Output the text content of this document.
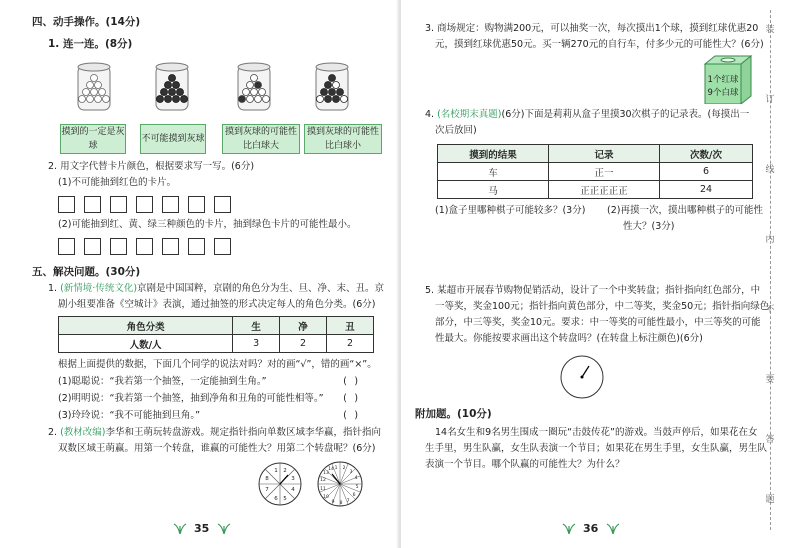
四、动手操作。(14分)
1. 连一连。(8分)
摸到的一定是灰球
不可能摸到灰球
摸到灰球的可能性比白球大
摸到灰球的可能性比白球小
2. 用文字代替卡片颜色，根据要求写一写。(6分)
(1)不可能抽到红色的卡片。
(2)可能抽到红、黄、绿三种颜色的卡片，抽到绿色卡片的可能性最小。
五、解决问题。(30分)
1. (新情境·传统文化)京剧是中国国粹，京剧的角色分为生、旦、净、末、丑。京
剧小组要准备《空城计》表演，通过抽签的形式决定每人的角色分类。(6分)
角色分类	生	净	丑
人数/人	3	2	2
根据上面提供的数据，下面几个同学的说法对吗？对的画“√”，错的画“×”。
(1)聪聪说：“我若第一个抽签，一定能抽到生角。”	( )
(2)明明说：“我若第一个抽签，抽到净角和丑角的可能性相等。” ( )
(3)玲玲说：“我不可能抽到旦角。”	( )
2. (教材改编)李华和王萌玩转盘游戏。规定指针指向单数区域李华赢，指针指向
双数区域王萌赢。用第一个转盘，谁赢的可能性大？用第二个转盘呢？(6分)
1 2
3
4
5
6
7
8
1 2
3
4
5
6
7
8
9
10
11
12
13
14
35
3. 商场规定：购物满200元，可以抽奖一次，每次摸出1个球，摸到红球优惠20
元，摸到红球优惠50元。买一辆270元的自行车，付多少元的可能性大？(6分)
1个红球
9个白球
4. (名校期末真题)(6分)下面是莉莉从盒子里摸30次棋子的记录表。(每摸出一
次后放回)
摸到的结果	记录	次数/次
车	正一	6
马	正正正正正	24
(1)盒子里哪种棋子可能较多？(3分) (2)再摸一次，摸出哪种棋子的可能性
性大？(3分)
5. 某超市开展春节购物促销活动，设计了一个中奖转盘；指针指向红色部分，中
一等奖，奖金100元；指针指向黄色部分，中二等奖，奖金50元；指针指向绿色
部分，中三等奖，奖金10元。要求：中一等奖的可能性最小，中三等奖的可能
性最大。你能按要求画出这个转盘吗？(在转盘上标注颜色)(6分)
附加题。(10分)
14名女生和9名男生围成一圈玩“击鼓传花”的游戏。当鼓声停后，如果花在女
生手里，男生队赢，女生队表演一个节目；如果花在男生手里，女生队赢，男生队
表演一个节目。哪个队赢的可能性大？为什么？
36
装
订
线
内
不
要
答
题
